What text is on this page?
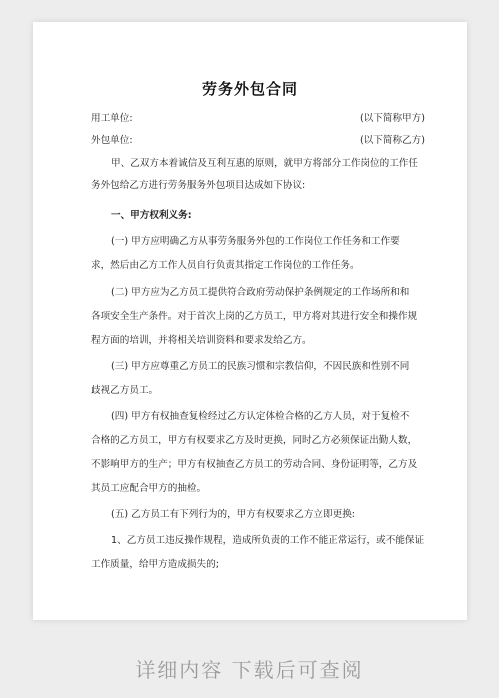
劳务外包合同
用工单位:	(以下简称甲方)
外包单位:	(以下简称乙方)
甲、乙双方本着诚信及互利互惠的原则，就甲方将部分工作岗位的工作任
务外包给乙方进行劳务服务外包项目达成如下协议:
一、甲方权利义务:
(一) 甲方应明确乙方从事劳务服务外包的工作岗位工作任务和工作要
求，然后由乙方工作人员自行负责其指定工作岗位的工作任务。
(二) 甲方应为乙方员工提供符合政府劳动保护条例规定的工作场所和和
各项安全生产条件。对于首次上岗的乙方员工，甲方将对其进行安全和操作规
程方面的培训，并将相关培训资料和要求发给乙方。
(三) 甲方应尊重乙方员工的民族习惯和宗教信仰，不因民族和性别不同
歧视乙方员工。
(四) 甲方有权抽查复检经过乙方认定体检合格的乙方人员，对于复检不
合格的乙方员工，甲方有权要求乙方及时更换，同时乙方必须保证出勤人数，
不影响甲方的生产；甲方有权抽查乙方员工的劳动合同、身份证明等，乙方及
其员工应配合甲方的抽检。
(五) 乙方员工有下列行为的，甲方有权要求乙方立即更换:
1、乙方员工违反操作规程，造成所负责的工作不能正常运行，或不能保证
工作质量，给甲方造成损失的;
详细内容 下载后可查阅
